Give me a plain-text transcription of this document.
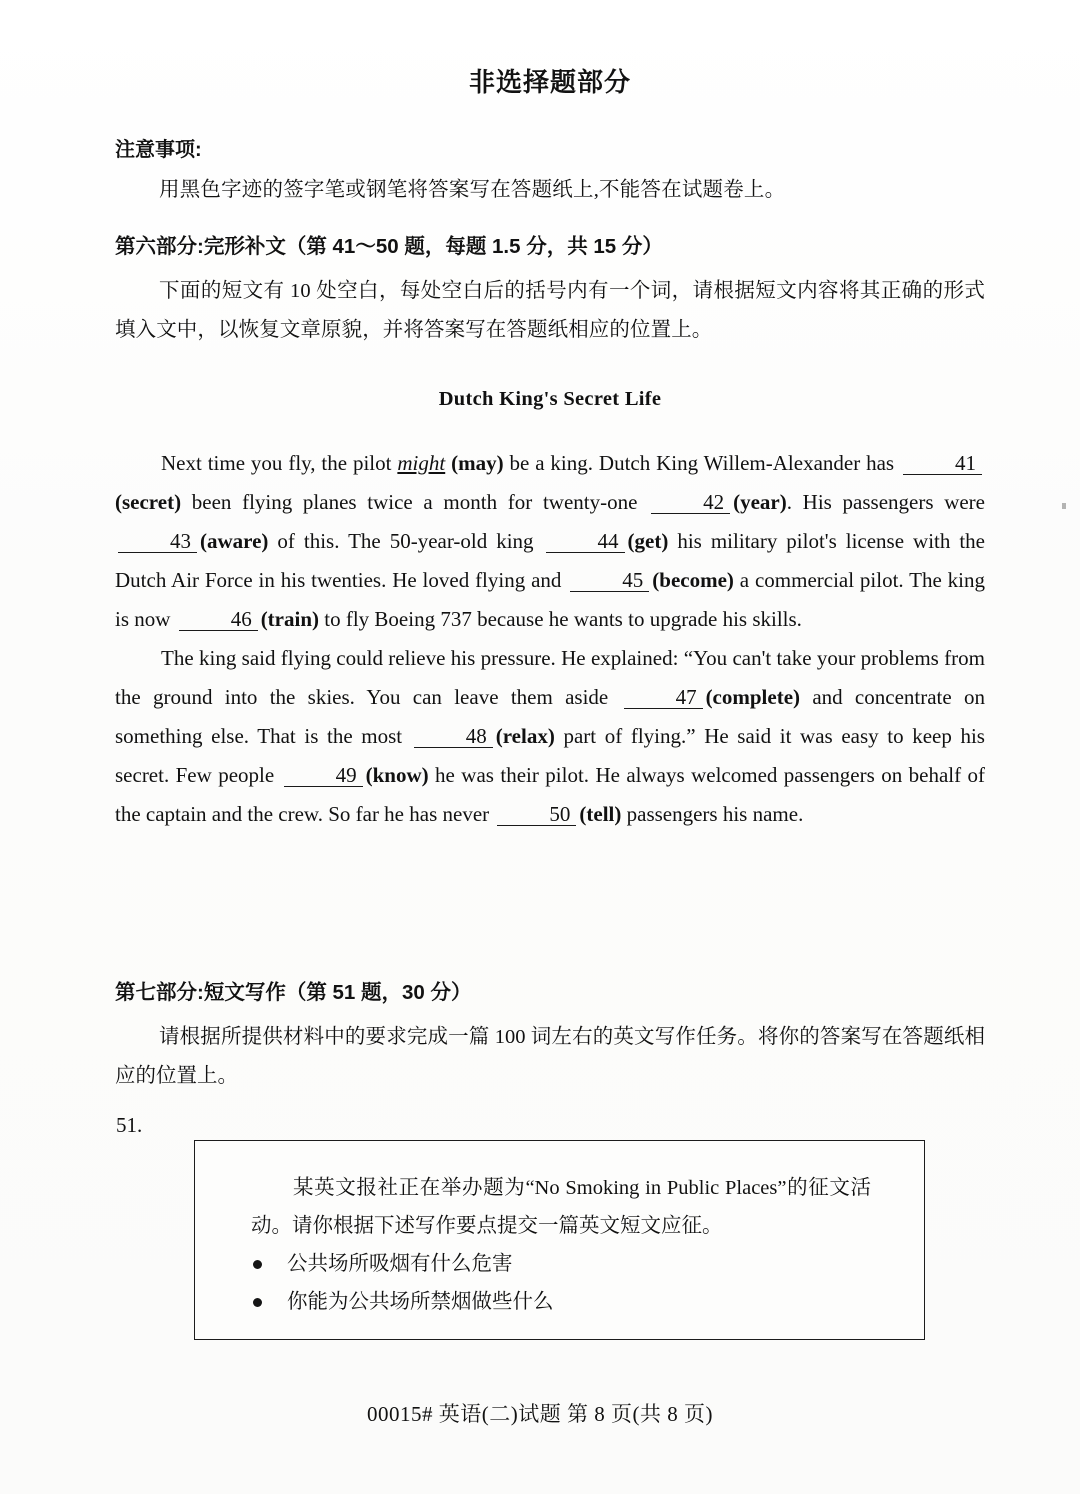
非选择题部分
注意事项:
用黑色字迹的签字笔或钢笔将答案写在答题纸上,不能答在试题卷上。
第六部分:完形补文（第 41～50 题，每题 1.5 分，共 15 分）
下面的短文有 10 处空白，每处空白后的括号内有一个词，请根据短文内容将其正确的形式填入文中，以恢复文章原貌，并将答案写在答题纸相应的位置上。
Dutch King's Secret Life

Next time you fly, the pilot might (may) be a king. Dutch King Willem-Alexander has	41(secret) been flying planes twice a month for twenty-one	42 (year). His passengers were 43 (aware) of this. The 50-year-old king	44 (get) his military pilot's license with the Dutch Air Force in his twenties. He loved flying and	45 (become) a commercial pilot. The king is now	46 (train) to fly Boeing 737 because he wants to upgrade his skills.

The king said flying could relieve his pressure. He explained: “You can't take your problems from the ground into the skies. You can leave them aside	47 (complete) and concentrate on something else. That is the most	48 (relax) part of flying.” He said it was easy to keep his secret. Few people	49 (know) he was their pilot. He always welcomed passengers on behalf of the captain and the crew. So far he has never	50 (tell) passengers his name.

第七部分:短文写作（第 51 题，30 分）
请根据所提供材料中的要求完成一篇 100 词左右的英文写作任务。将你的答案写在答题纸相应的位置上。
51.
某英文报社正在举办题为“No Smoking in Public Places”的征文活动。请你根据下述写作要点提交一篇英文短文应征。
公共场所吸烟有什么危害
你能为公共场所禁烟做些什么
00015# 英语(二)试题 第 8 页(共 8 页)
